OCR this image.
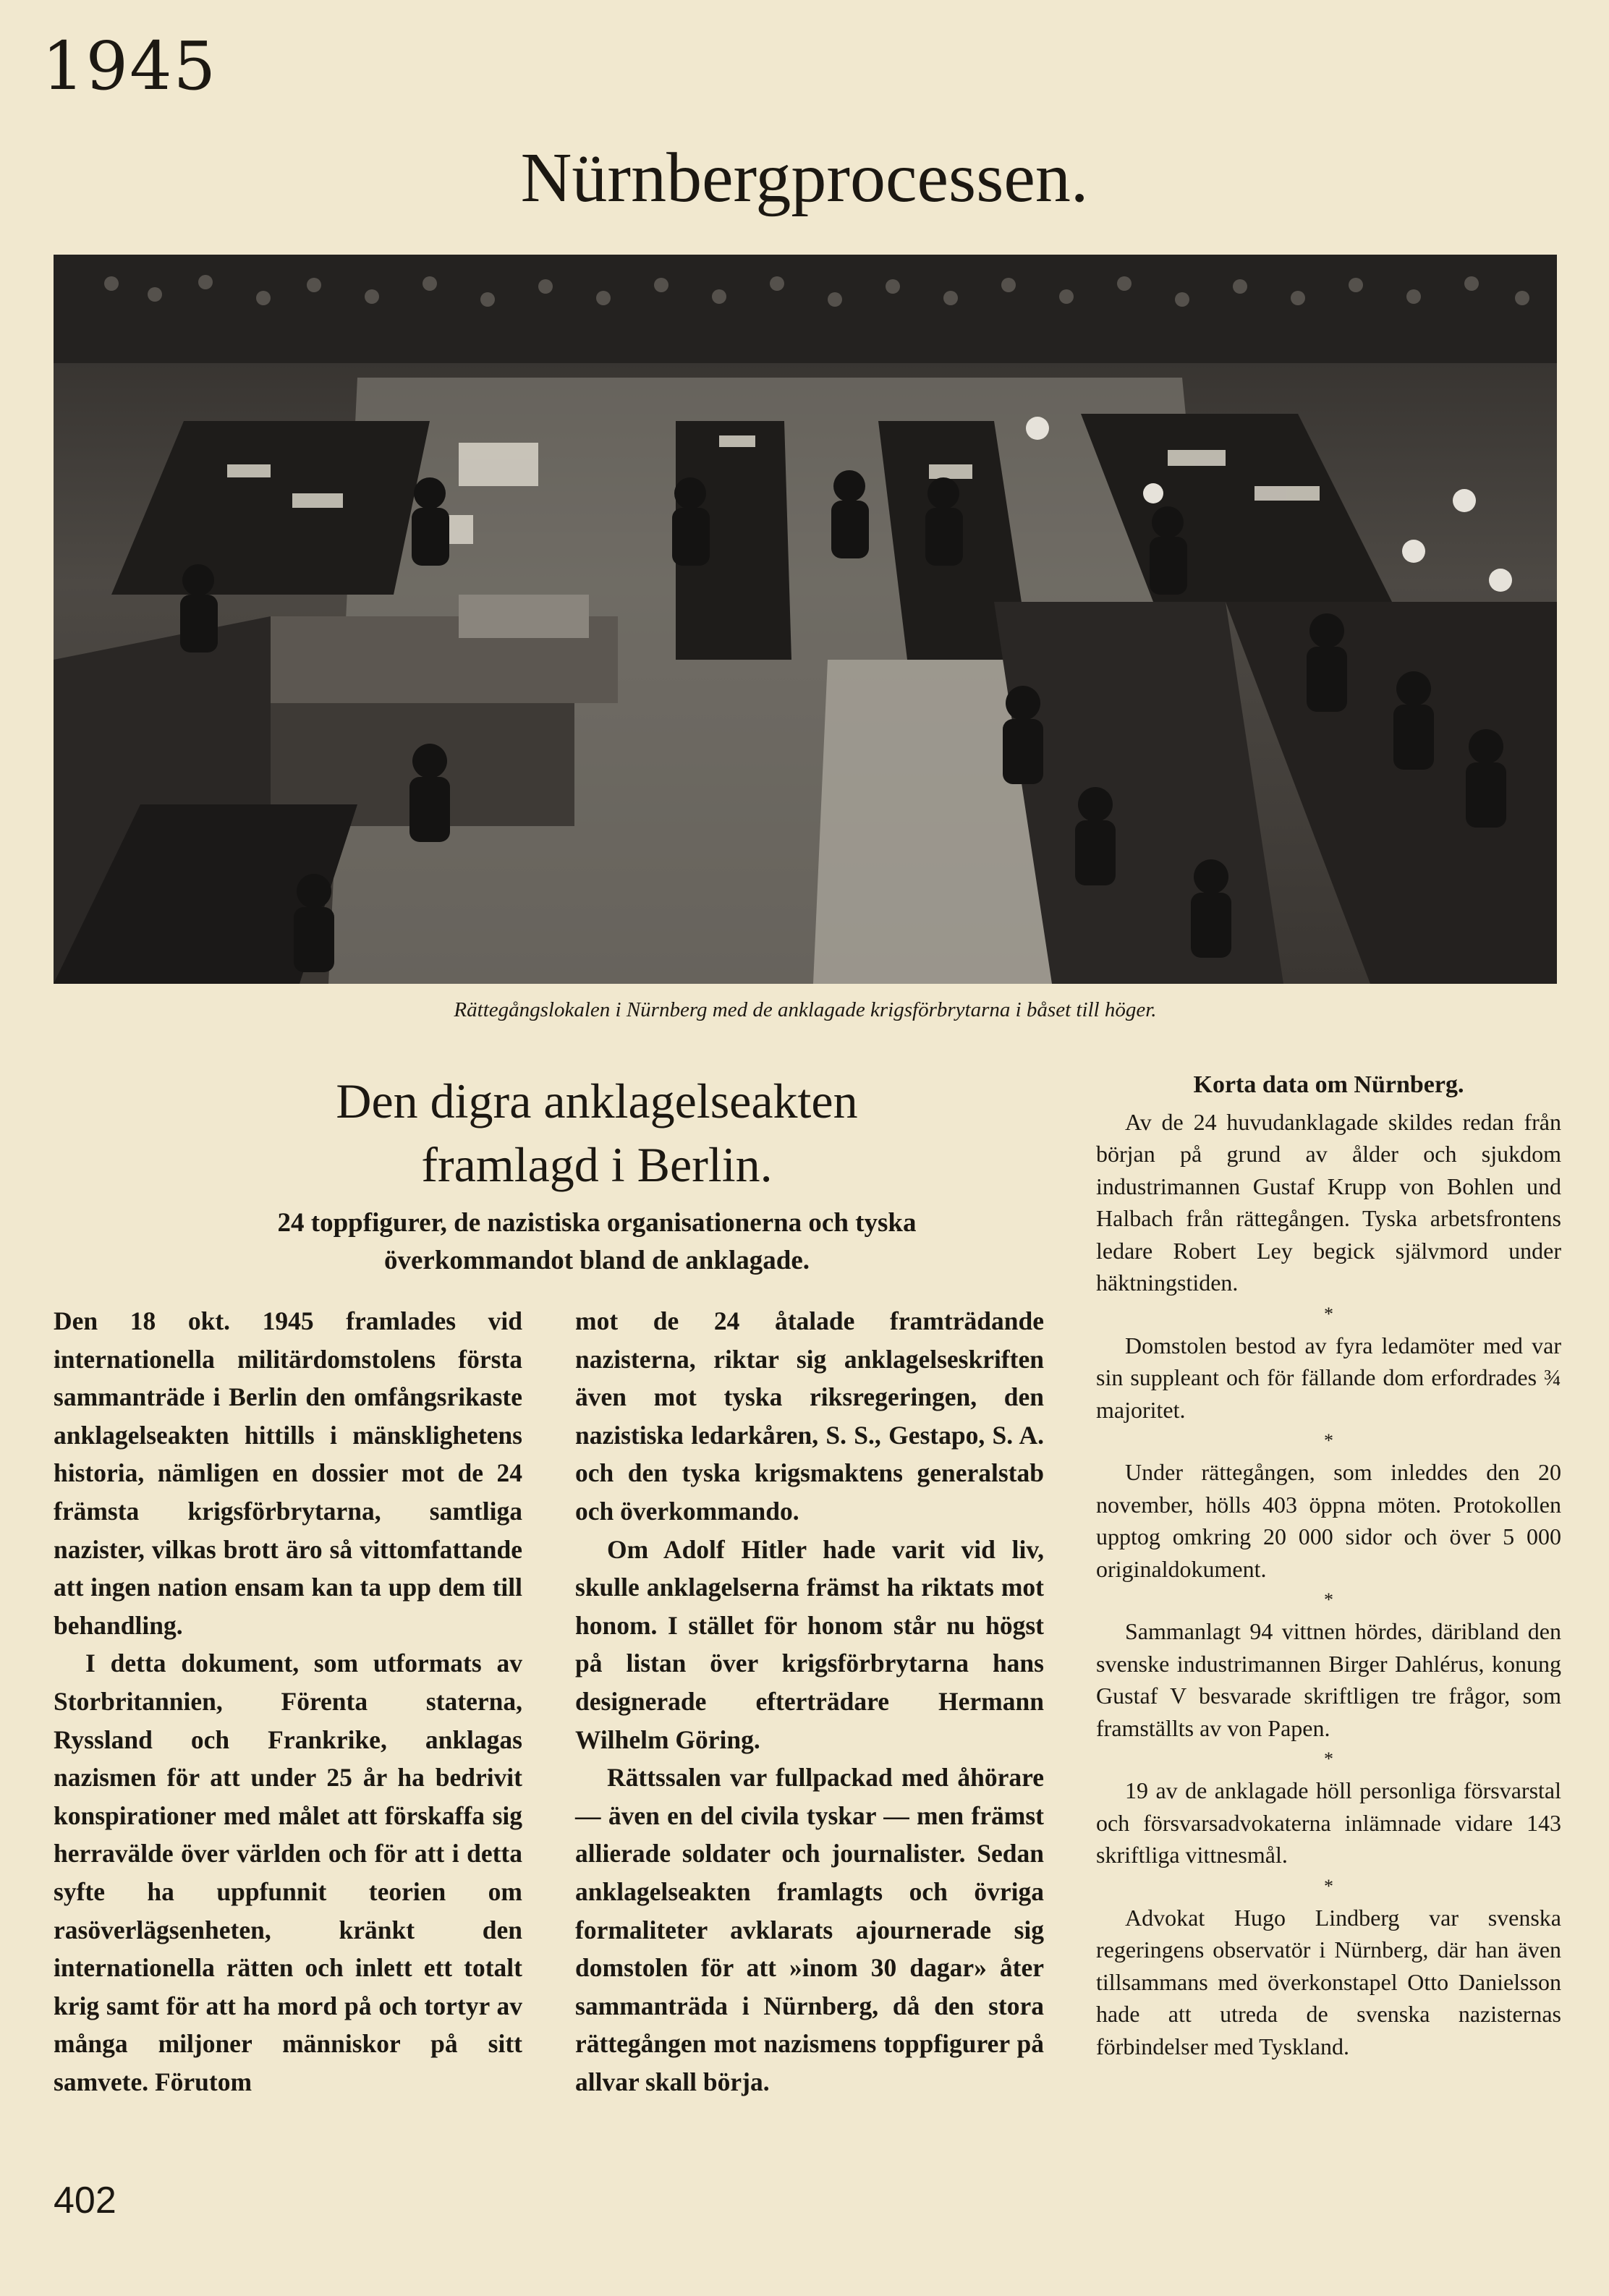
1945
Nürnbergprocessen.
Rättegångslokalen i Nürnberg med de anklagade krigsförbrytarna i båset till höger.
Den digra anklagelseakten
framlagd i Berlin.
24 toppfigurer, de nazistiska organisationerna och tyska
överkommandot bland de anklagade.

Den 18 okt. 1945 framlades vid internationella militärdomstolens första sammanträde i Berlin den omfångsrikaste anklagelseakten hittills i mänsklighetens historia, nämligen en dossier mot de 24 främsta krigsförbrytarna, samtliga nazister, vilkas brott äro så vittomfattande att ingen nation ensam kan ta upp dem till behandling.

I detta dokument, som utformats av Storbritannien, Förenta staterna, Ryssland och Frankrike, anklagas nazismen för att under 25 år ha bedrivit konspirationer med målet att förskaffa sig herravälde över världen och för att i detta syfte ha uppfunnit teorien om rasöverlägsenheten, kränkt den internationella rätten och inlett ett totalt krig samt för att ha mord på och tortyr av många miljoner människor på sitt samvete. Förutom

mot de 24 åtalade framträdande nazisterna, riktar sig anklagelseskriften även mot tyska riksregeringen, den nazistiska ledarkåren, S. S., Gestapo, S. A. och den tyska krigsmaktens generalstab och överkommando.

Om Adolf Hitler hade varit vid liv, skulle anklagelserna främst ha riktats mot honom. I stället för honom står nu högst på listan över krigsförbrytarna hans designerade efterträdare Hermann Wilhelm Göring.

Rättssalen var fullpackad med åhörare — även en del civila tyskar — men främst allierade soldater och journalister. Sedan anklagelseakten framlagts och övriga formaliteter avklarats ajournerade sig domstolen för att »inom 30 dagar» åter sammanträda i Nürnberg, då den stora rättegången mot nazismens toppfigurer på allvar skall börja.

Korta data om Nürnberg.

Av de 24 huvudanklagade skildes redan från början på grund av ålder och sjukdom industrimannen Gustaf Krupp von Bohlen und Halbach från rättegången. Tyska arbetsfrontens ledare Robert Ley begick självmord under häktningstiden.

*

Domstolen bestod av fyra ledamöter med var sin suppleant och för fällande dom erfordrades ¾ majoritet.

*

Under rättegången, som inleddes den 20 november, hölls 403 öppna möten. Protokollen upptog omkring 20 000 sidor och över 5 000 originaldokument.

*

Sammanlagt 94 vittnen hördes, däribland den svenske industrimannen Birger Dahlérus, konung Gustaf V besvarade skriftligen tre frågor, som framställts av von Papen.

*

19 av de anklagade höll personliga försvarstal och försvarsadvokaterna inlämnade vidare 143 skriftliga vittnesmål.

*

Advokat Hugo Lindberg var svenska regeringens observatör i Nürnberg, där han även tillsammans med överkonstapel Otto Danielsson hade att utreda de svenska nazisternas förbindelser med Tyskland.

402
